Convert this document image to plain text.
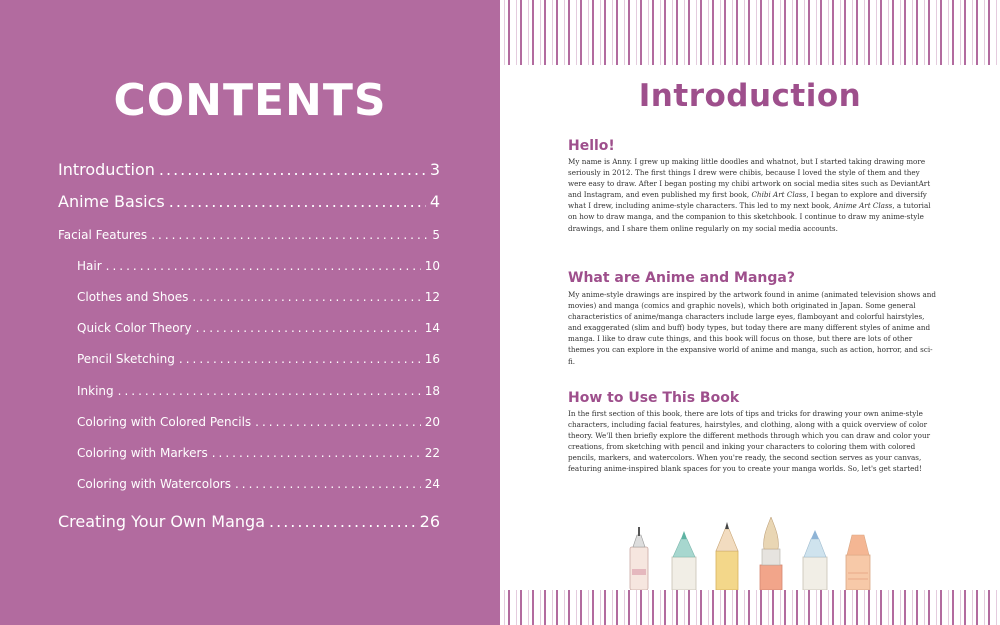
CONTENTS
Introduction .....	3
Anime Basics .....	4
Facial Features .....	5
Hair .....	10
Clothes and Shoes .....	12
Quick Color Theory .....	14
Pencil Sketching .....	16
Inking .....	18
Coloring with Colored Pencils .....	20
Coloring with Markers .....	22
Coloring with Watercolors .....	24
Creating Your Own Manga .....	26
Introduction
Hello!
My name is Anny. I grew up making little doodles and whatnot, but I started taking drawing more seriously in 2012. The first things I drew were chibis, because I loved the style of them and they were easy to draw. After I began posting my chibi artwork on social media sites such as DeviantArt and Instagram, and even published my first book, Chibi Art Class, I began to explore and diversify what I drew, including anime-style characters. This led to my next book, Anime Art Class, a tutorial on how to draw manga, and the companion to this sketchbook. I continue to draw my anime-style drawings, and I share them online regularly on my social media accounts.
What are Anime and Manga?
My anime-style drawings are inspired by the artwork found in anime (animated television shows and movies) and manga (comics and graphic novels), which both originated in Japan. Some general characteristics of anime/manga characters include large eyes, flamboyant and colorful hairstyles, and exaggerated (slim and buff) body types, but today there are many different styles of anime and manga. I like to draw cute things, and this book will focus on those, but there are lots of other themes you can explore in the expansive world of anime and manga, such as action, horror, and sci-fi.
How to Use This Book
In the first section of this book, there are lots of tips and tricks for drawing your own anime-style characters, including facial features, hairstyles, and clothing, along with a quick overview of color theory. We'll then briefly explore the different methods through which you can draw and color your creations, from sketching with pencil and inking your characters to coloring them with colored pencils, markers, and watercolors. When you're ready, the second section serves as your canvas, featuring anime-inspired blank spaces for you to create your manga worlds. So, let's get started!
